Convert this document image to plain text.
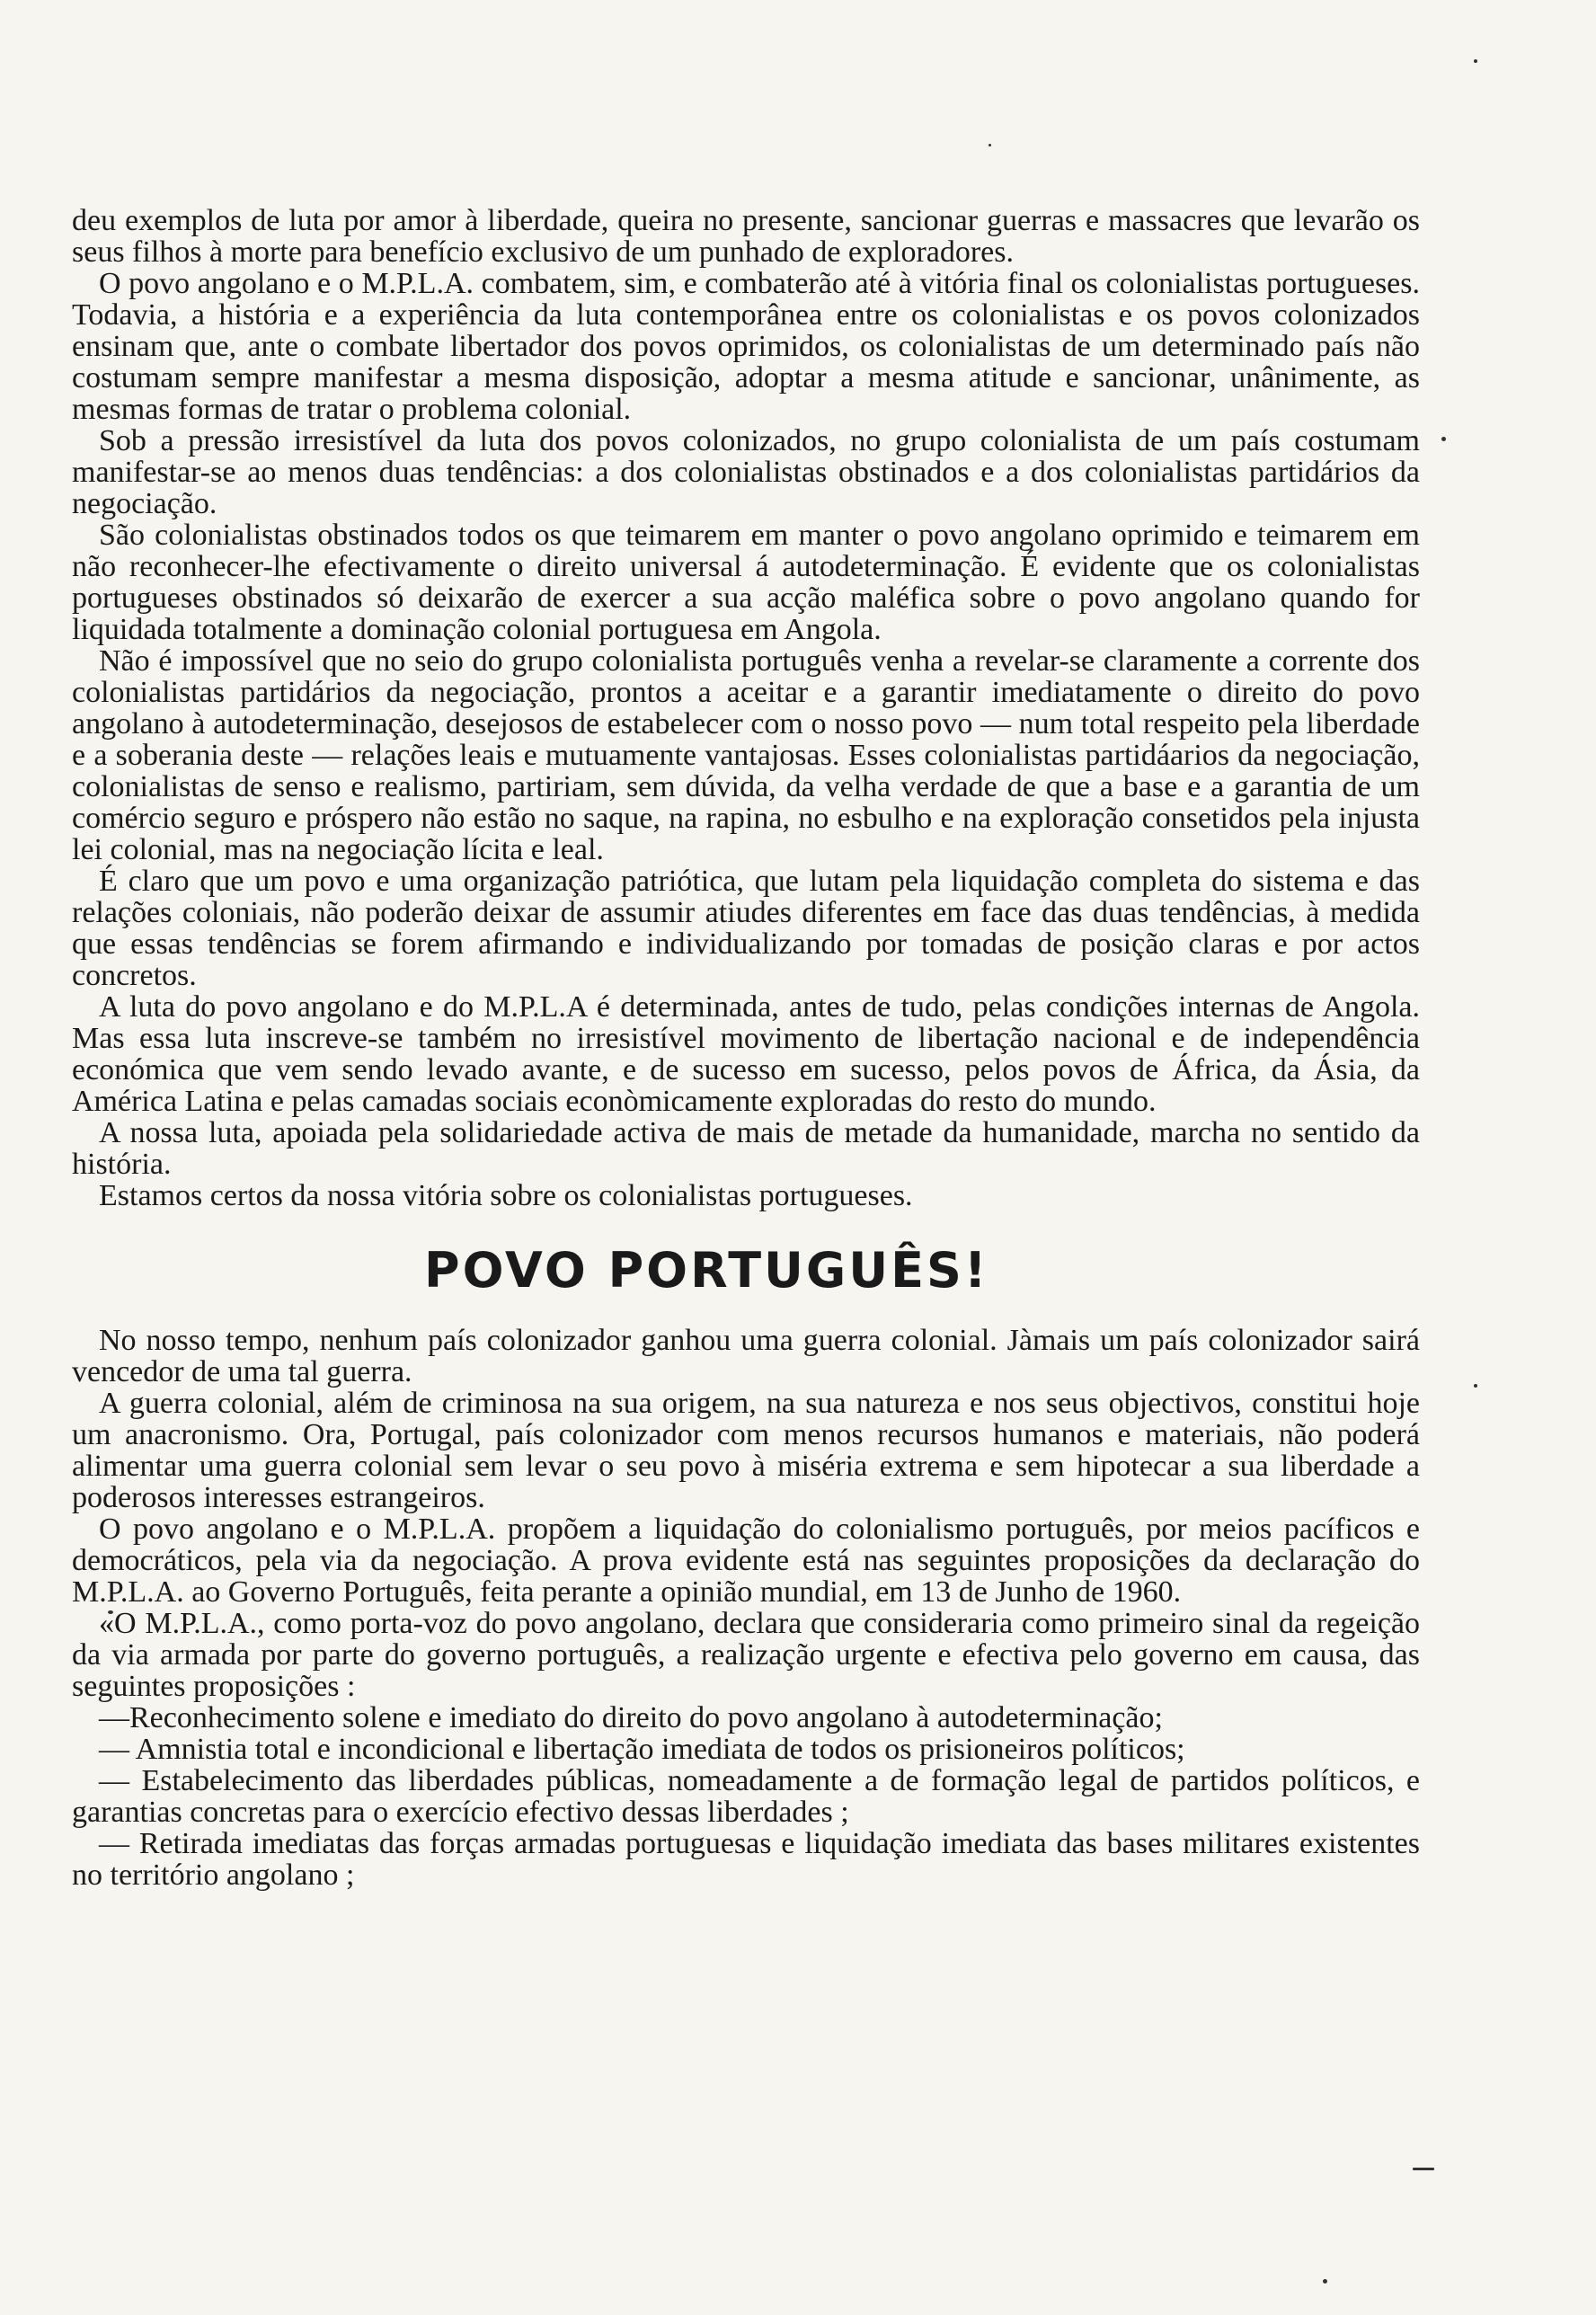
deu exemplos de luta por amor à liberdade, queira no presente, sancionar guerras e massacres que levarão os seus filhos à morte para benefício exclusivo de um punhado de exploradores.

O povo angolano e o M.P.L.A. combatem, sim, e combaterão até à vitória final os colonialistas portugueses. Todavia, a história e a experiência da luta contemporânea entre os colonialistas e os povos colonizados ensinam que, ante o combate libertador dos povos oprimidos, os colonialistas de um determinado país não costumam sempre manifestar a mesma disposição, adoptar a mesma atitude e sancionar, unânimente, as mesmas formas de tratar o problema colonial.

Sob a pressão irresistível da luta dos povos colonizados, no grupo colonialista de um país costumam manifestar-se ao menos duas tendências: a dos colonialistas obstinados e a dos colonialistas partidários da negociação.

São colonialistas obstinados todos os que teimarem em manter o povo angolano oprimido e teimarem em não reconhecer-lhe efectivamente o direito universal á autodeterminação. É evidente que os colonialistas portugueses obstinados só deixarão de exercer a sua acção maléfica sobre o povo angolano quando for liquidada totalmente a dominação colonial portuguesa em Angola.

Não é impossível que no seio do grupo colonialista português venha a revelar-se claramente a corrente dos colonialistas partidários da negociação, prontos a aceitar e a garantir imediatamente o direito do povo angolano à autodeterminação, desejosos de estabelecer com o nosso povo — num total respeito pela liberdade e a soberania deste — relações leais e mutuamente vantajosas. Esses colonialistas partidáarios da negociação, colonialistas de senso e realismo, partiriam, sem dúvida, da velha verdade de que a base e a garantia de um comércio seguro e próspero não estão no saque, na rapina, no esbulho e na exploração consetidos pela injusta lei colonial, mas na negociação lícita e leal.

É claro que um povo e uma organização patriótica, que lutam pela liquidação completa do sistema e das relações coloniais, não poderão deixar de assumir atiudes diferentes em face das duas tendências, à medida que essas tendências se forem afirmando e individualizando por tomadas de posição claras e por actos concretos.

A luta do povo angolano e do M.P.L.A é determinada, antes de tudo, pelas condições internas de Angola. Mas essa luta inscreve-se também no irresistível movimento de libertação nacional e de independência económica que vem sendo levado avante, e de sucesso em sucesso, pelos povos de África, da Ásia, da América Latina e pelas camadas sociais econòmicamente exploradas do resto do mundo.

A nossa luta, apoiada pela solidariedade activa de mais de metade da humanidade, marcha no sentido da história.

Estamos certos da nossa vitória sobre os colonialistas portugueses.

POVO PORTUGUÊS!

No nosso tempo, nenhum país colonizador ganhou uma guerra colonial. Jàmais um país colonizador sairá vencedor de uma tal guerra.

A guerra colonial, além de criminosa na sua origem, na sua natureza e nos seus objectivos, constitui hoje um anacronismo. Ora, Portugal, país colonizador com menos recursos humanos e materiais, não poderá alimentar uma guerra colonial sem levar o seu povo à miséria extrema e sem hipotecar a sua liberdade a poderosos interesses estrangeiros.

O povo angolano e o M.P.L.A. propõem a liquidação do colonialismo português, por meios pacíficos e democráticos, pela via da negociação. A prova evidente está nas seguintes proposições da declaração do M.P.L.A. ao Governo Português, feita perante a opinião mundial, em 13 de Junho de 1960.

«O M.P.L.A., como porta-voz do povo angolano, declara que consideraria como primeiro sinal da regeição da via armada por parte do governo português, a realização urgente e efectiva pelo governo em causa, das seguintes proposições :

—Reconhecimento solene e imediato do direito do povo angolano à autodeterminação;

— Amnistia total e incondicional e libertação imediata de todos os prisioneiros políticos;

— Estabelecimento das liberdades públicas, nomeadamente a de formação legal de partidos políticos, e garantias concretas para o exercício efectivo dessas liberdades ;

— Retirada imediatas das forças armadas portuguesas e liquidação imediata das bases militares existentes no território angolano ;
